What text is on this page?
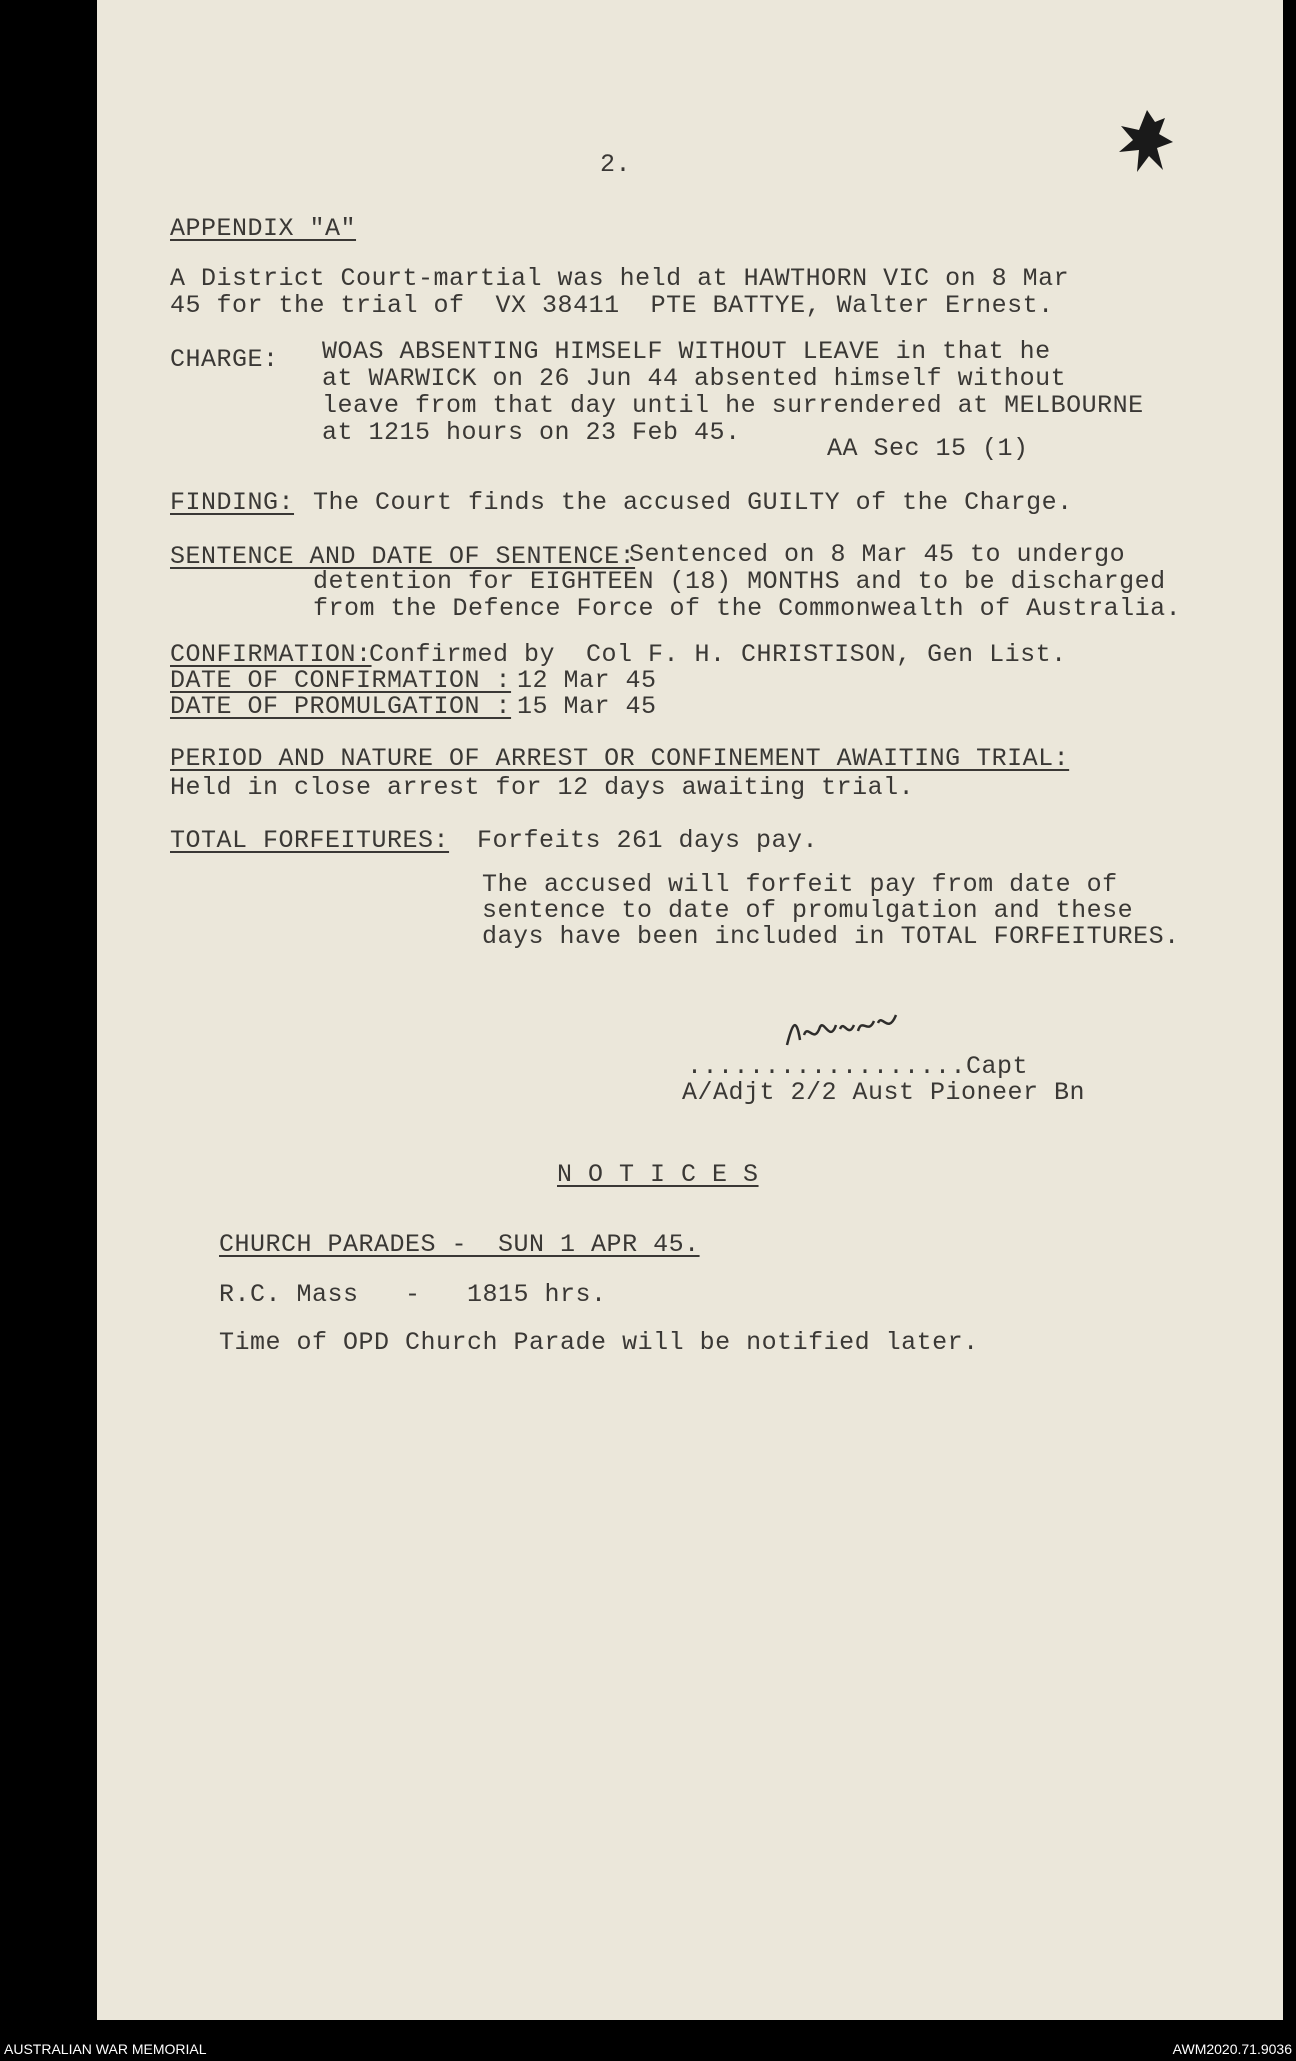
2.
APPENDIX "A"
A District Court-martial was held at HAWTHORN VIC on 8 Mar
45 for the trial of  VX 38411  PTE BATTYE, Walter Ernest.
CHARGE: WOAS ABSENTING HIMSELF WITHOUT LEAVE in that he
at WARWICK on 26 Jun 44 absented himself without
leave from that day until he surrendered at MELBOURNE
at 1215 hours on 23 Feb 45.
AA Sec 15 (1)
FINDING: The Court finds the accused GUILTY of the Charge.
SENTENCE AND DATE OF SENTENCE:
Sentenced on 8 Mar 45 to undergo
detention for EIGHTEEN (18) MONTHS and to be discharged
from the Defence Force of the Commonwealth of Australia.
CONFIRMATION:
Confirmed by  Col F. H. CHRISTISON, Gen List.
DATE OF CONFIRMATION : 12 Mar 45
DATE OF PROMULGATION : 15 Mar 45
PERIOD AND NATURE OF ARREST OR CONFINEMENT AWAITING TRIAL:
Held in close arrest for 12 days awaiting trial.
TOTAL FORFEITURES: Forfeits 261 days pay.
The accused will forfeit pay from date of
sentence to date of promulgation and these
days have been included in TOTAL FORFEITURES.
..................Capt
A/Adjt 2/2 Aust Pioneer Bn
N O T I C E S
CHURCH PARADES -  SUN 1 APR 45.
R.C. Mass   -   1815 hrs.
Time of OPD Church Parade will be notified later.
AUSTRALIAN WAR MEMORIAL	AWM2020.71.9036
